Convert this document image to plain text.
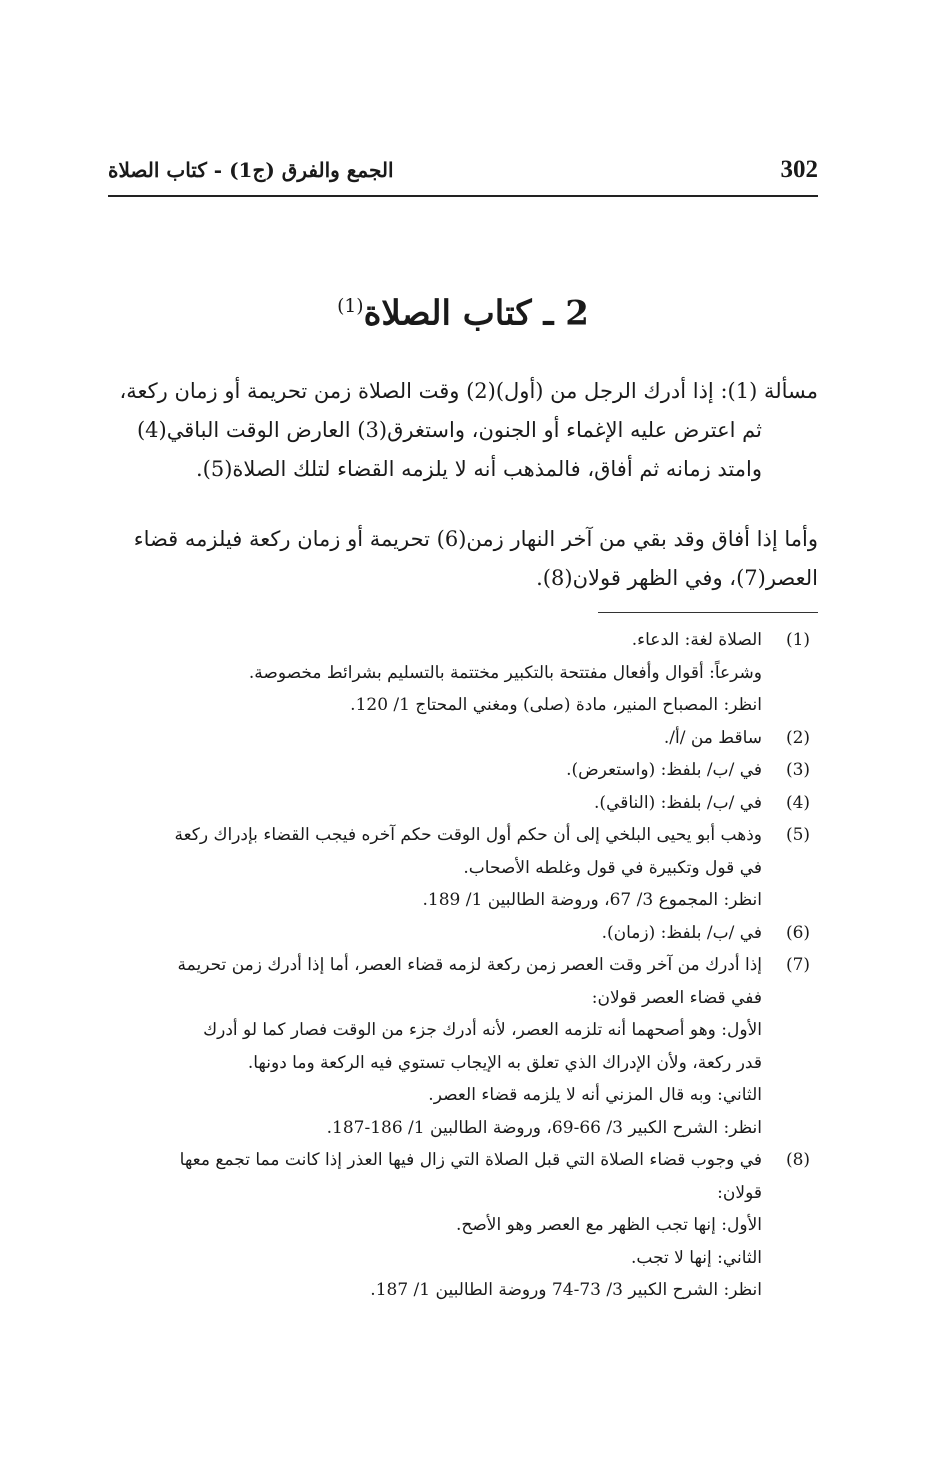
الجمع والفرق (ج1) - كتاب الصلاة	302
2 ـ كتاب الصلاة$^{(1)}$
مسألة (1): إذا أدرك الرجل من (أول)(2) وقت الصلاة زمن تحريمة أو زمان ركعة،
ثم اعترض عليه الإغماء أو الجنون، واستغرق(3) العارض الوقت الباقي(4)
وامتد زمانه ثم أفاق، فالمذهب أنه لا يلزمه القضاء لتلك الصلاة(5).
وأما إذا أفاق وقد بقي من آخر النهار زمن(6) تحريمة أو زمان ركعة فيلزمه قضاء
العصر(7)، وفي الظهر قولان(8).
(1)
الصلاة لغة: الدعاء.
وشرعاً: أقوال وأفعال مفتتحة بالتكبير مختتمة بالتسليم بشرائط مخصوصة.
انظر: المصباح المنير، مادة (صلى) ومغني المحتاج 1/ 120.
(2)
ساقط من /أ/.
(3)
في /ب/ بلفظ: (واستعرض).
(4)
في /ب/ بلفظ: (الناقي).
(5)
وذهب أبو يحيى البلخي إلى أن حكم أول الوقت حكم آخره فيجب القضاء بإدراك ركعة
في قول وتكبيرة في قول وغلطه الأصحاب.
انظر: المجموع 3/ 67، وروضة الطالبين 1/ 189.
(6)
في /ب/ بلفظ: (زمان).
(7)
إذا أدرك من آخر وقت العصر زمن ركعة لزمه قضاء العصر، أما إذا أدرك زمن تحريمة
ففي قضاء العصر قولان:
الأول: وهو أصحهما أنه تلزمه العصر، لأنه أدرك جزء من الوقت فصار كما لو أدرك
قدر ركعة، ولأن الإدراك الذي تعلق به الإيجاب تستوي فيه الركعة وما دونها.
الثاني: وبه قال المزني أنه لا يلزمه قضاء العصر.
انظر: الشرح الكبير 3/ 66-69، وروضة الطالبين 1/ 186-187.
(8)
في وجوب قضاء الصلاة التي قبل الصلاة التي زال فيها العذر إذا كانت مما تجمع معها
قولان:
الأول: إنها تجب الظهر مع العصر وهو الأصح.
الثاني: إنها لا تجب.
انظر: الشرح الكبير 3/ 73-74 وروضة الطالبين 1/ 187.
